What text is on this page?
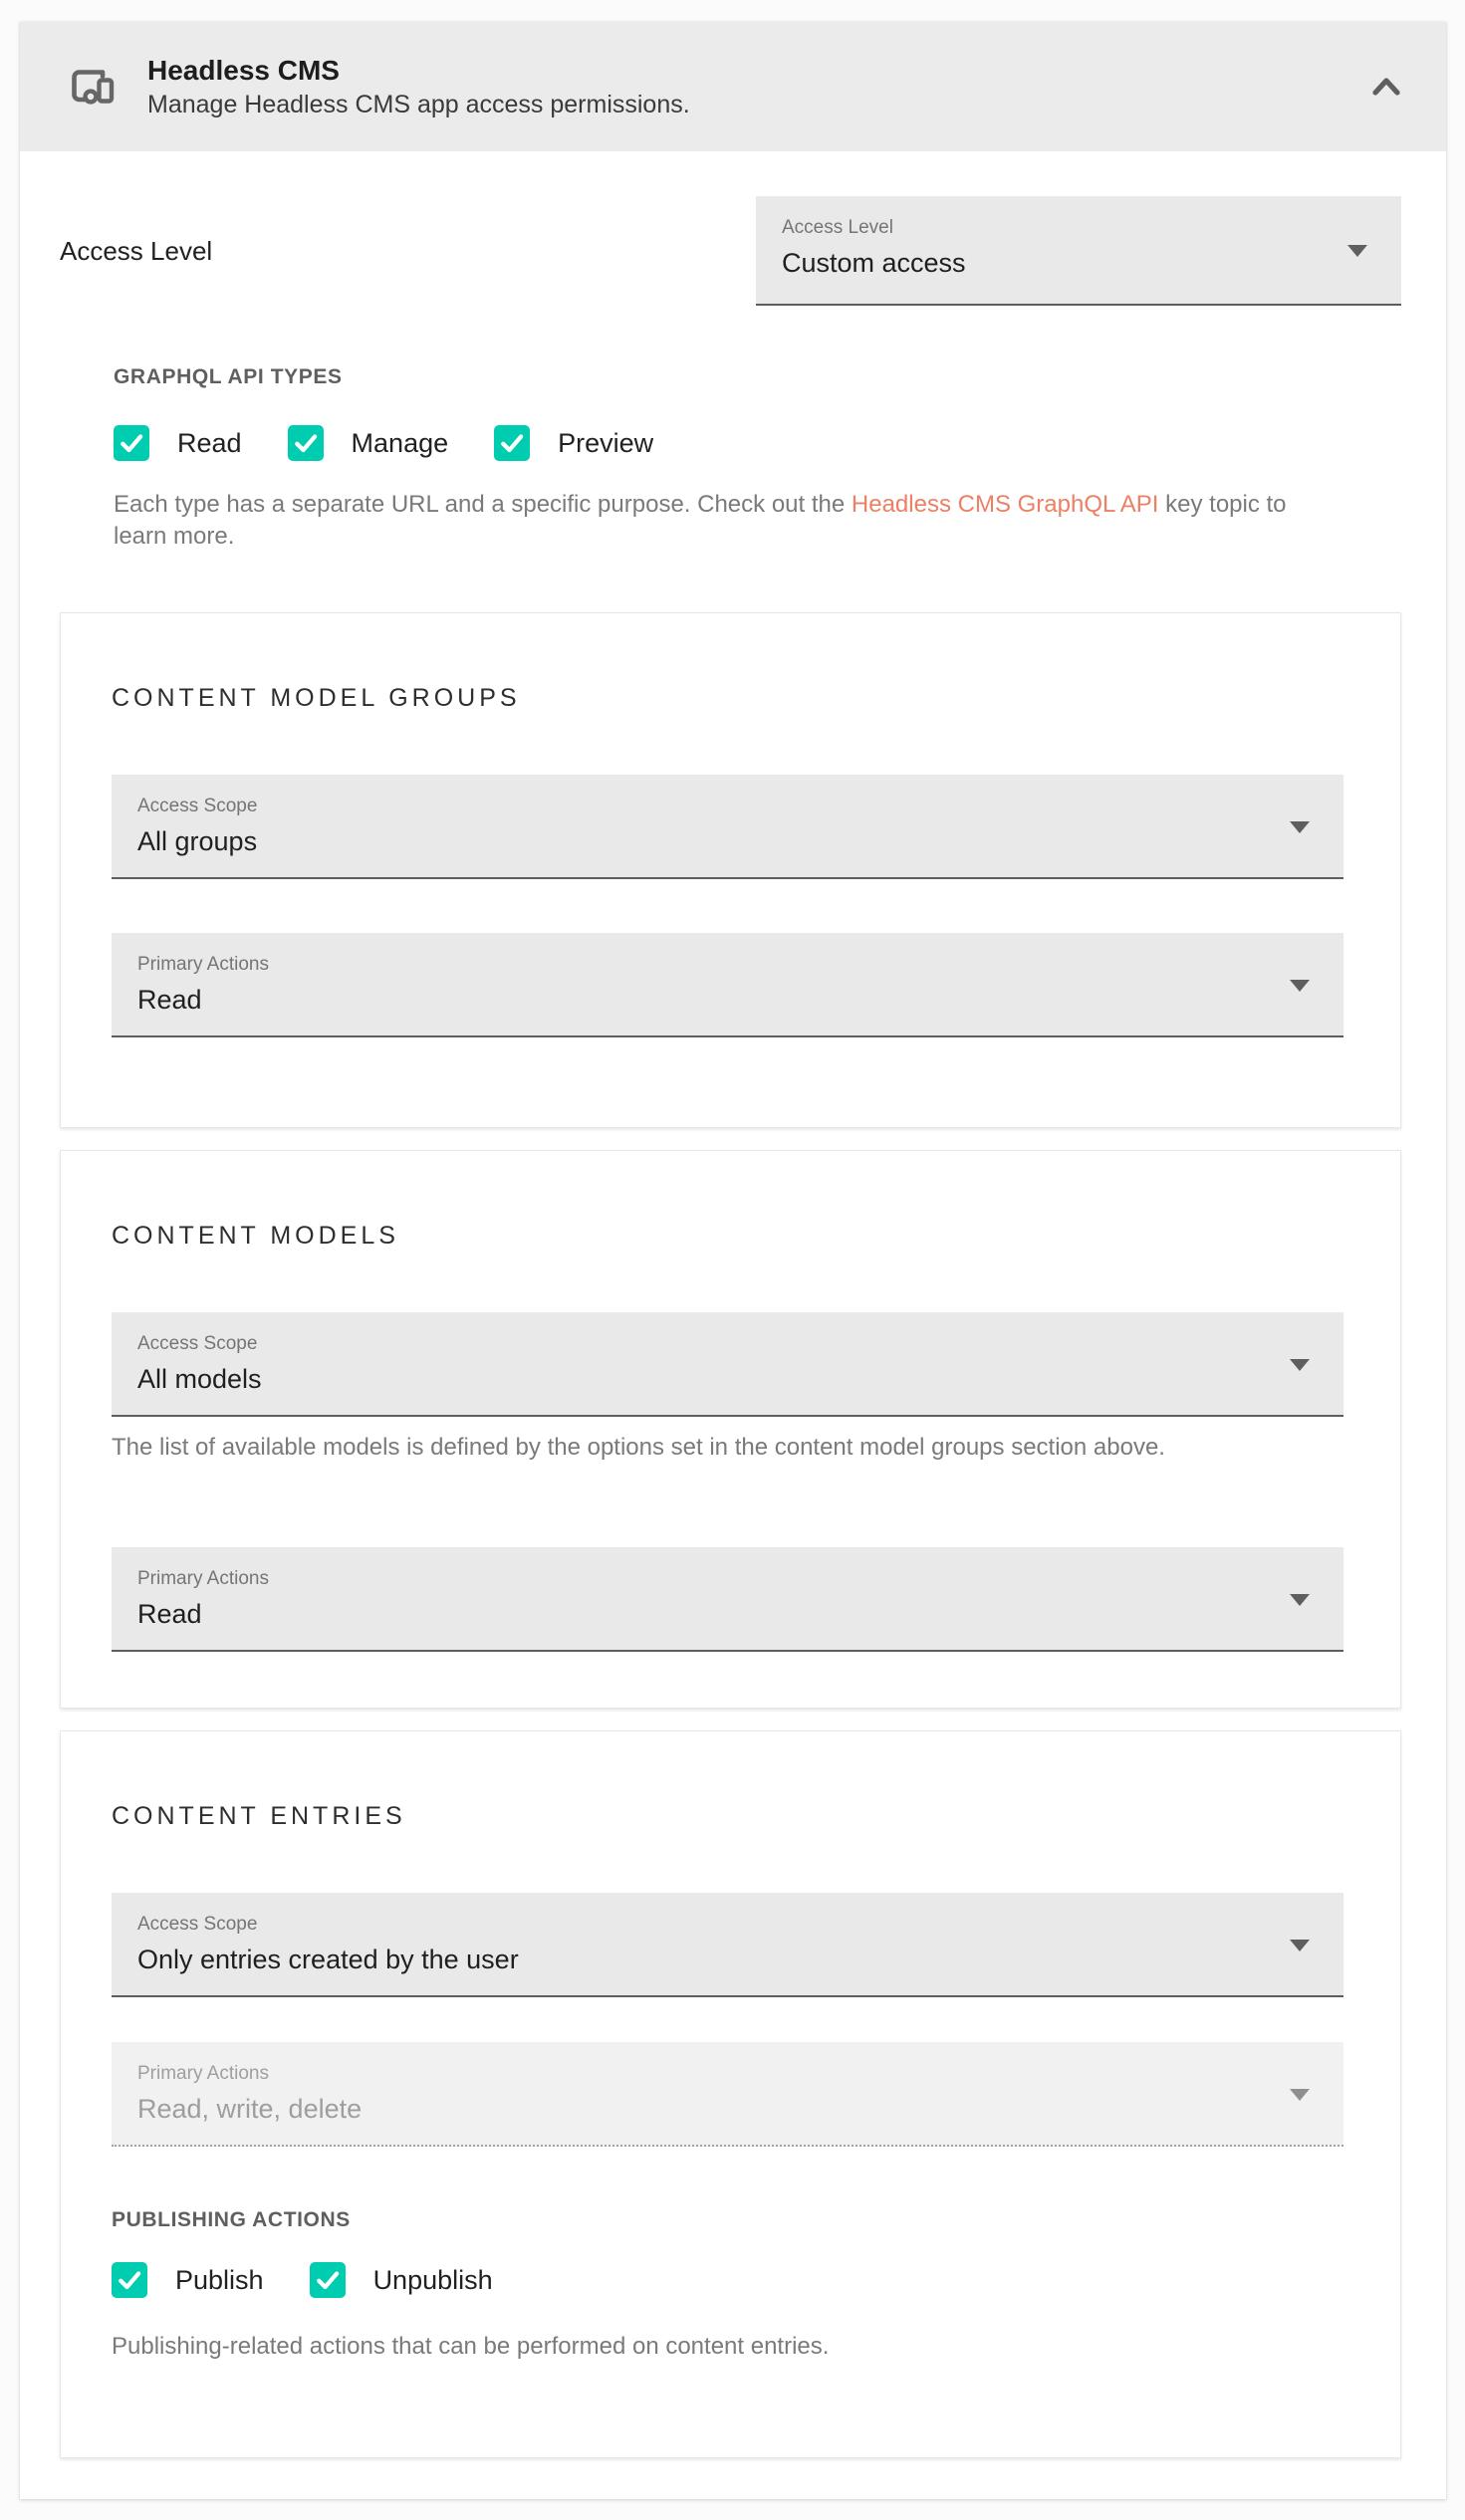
Headless CMS
Manage Headless CMS app access permissions.
Access Level
Access Level
Custom access
GRAPHQL API TYPES
Read	Manage	Preview
Each type has a separate URL and a specific purpose. Check out the Headless CMS GraphQL API key topic to learn more.
CONTENT MODEL GROUPS
Access Scope
All groups
Primary Actions
Read
CONTENT MODELS
Access Scope
All models
The list of available models is defined by the options set in the content model groups section above.
Primary Actions
Read
CONTENT ENTRIES
Access Scope
Only entries created by the user
Primary Actions
Read, write, delete
PUBLISHING ACTIONS
Publish	Unpublish
Publishing-related actions that can be performed on content entries.
